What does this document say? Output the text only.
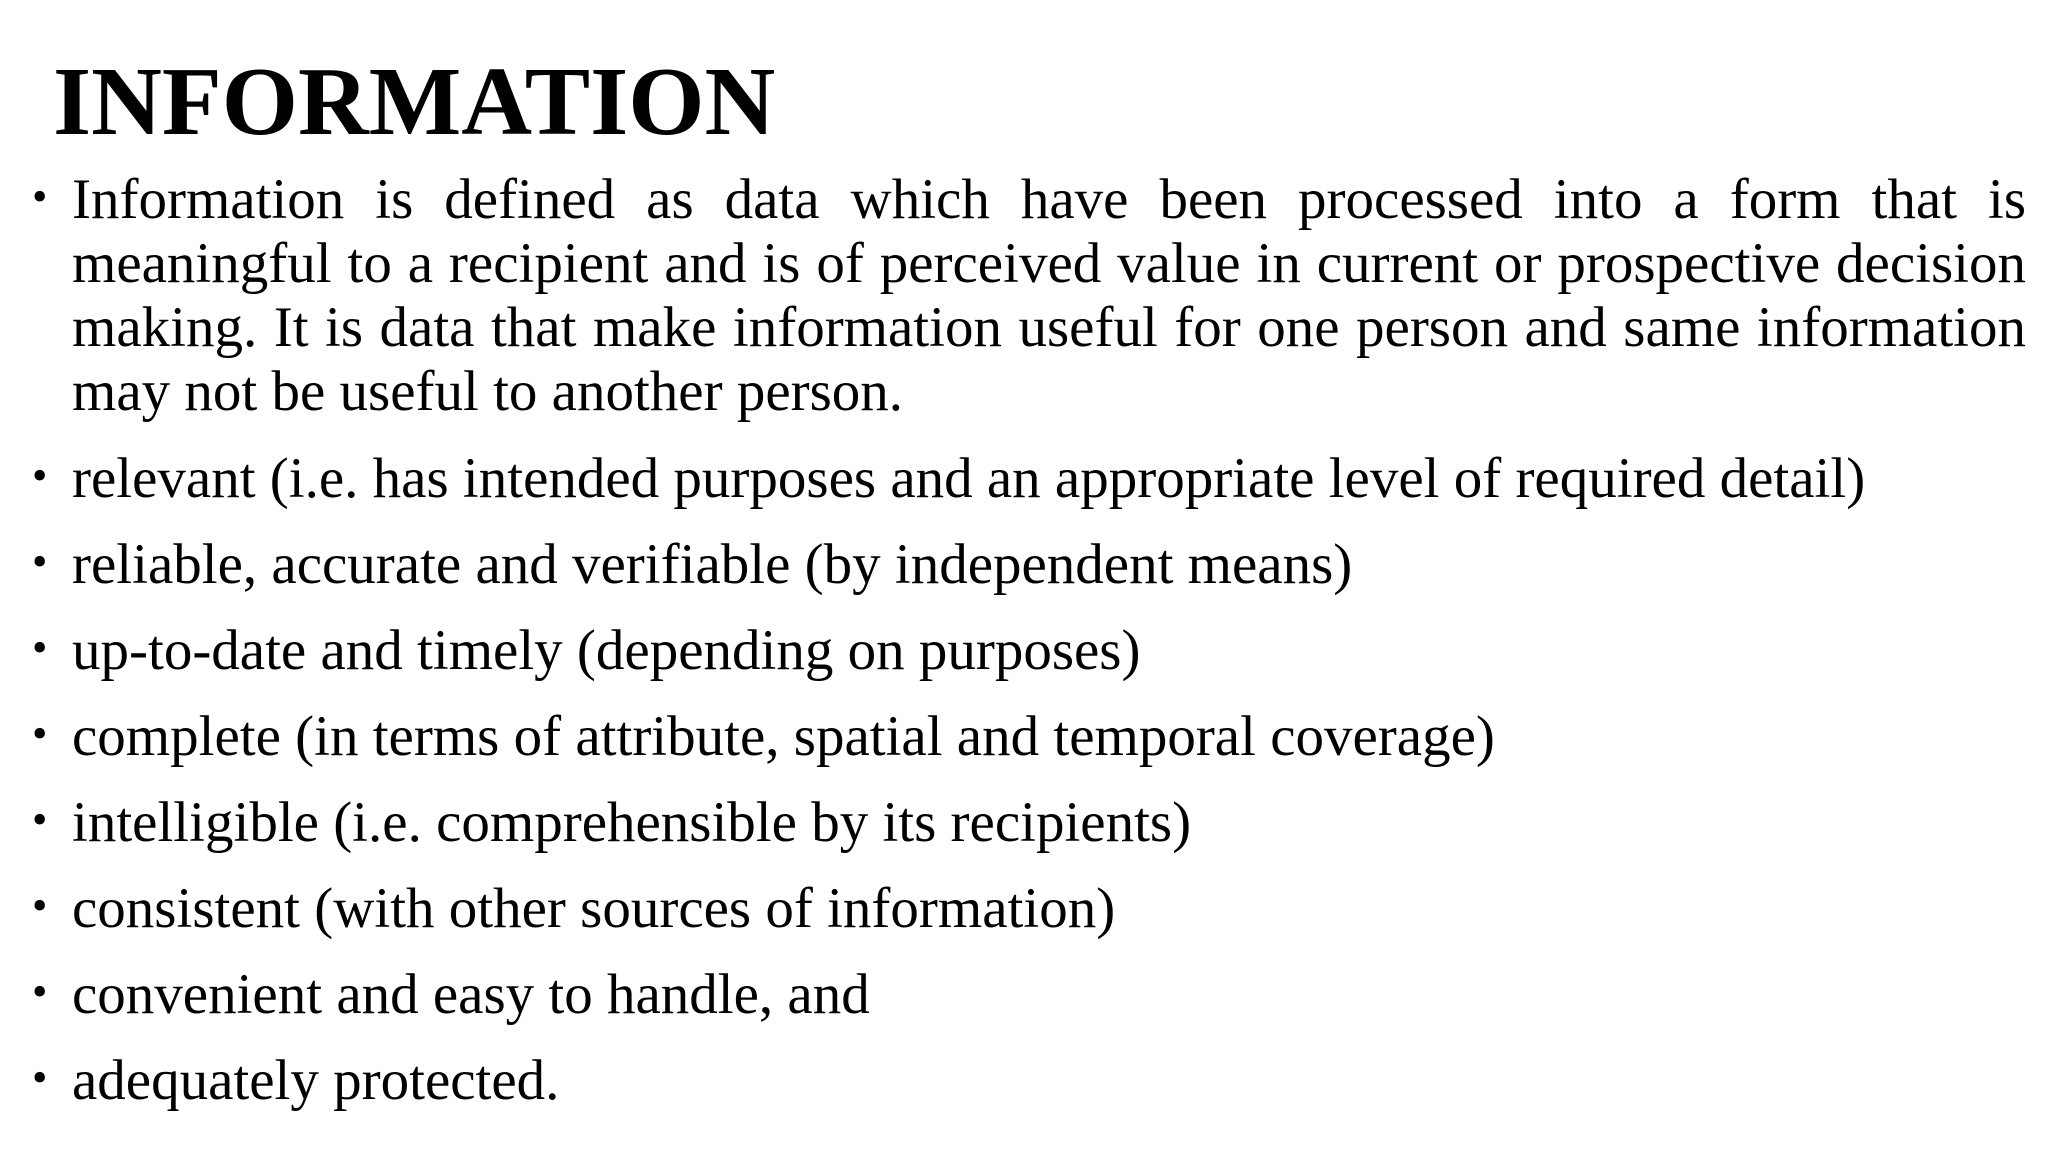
INFORMATION
• Information is defined as data which have been processed into a form that is meaningful to a recipient and is of perceived value in current or prospective decision making. It is data that make information useful for one person and same information may not be useful to another person.
• relevant (i.e. has intended purposes and an appropriate level of required detail)
• reliable, accurate and verifiable (by independent means)
• up-to-date and timely (depending on purposes)
• complete (in terms of attribute, spatial and temporal coverage)
• intelligible (i.e. comprehensible by its recipients)
• consistent (with other sources of information)
• convenient and easy to handle, and
• adequately protected.
